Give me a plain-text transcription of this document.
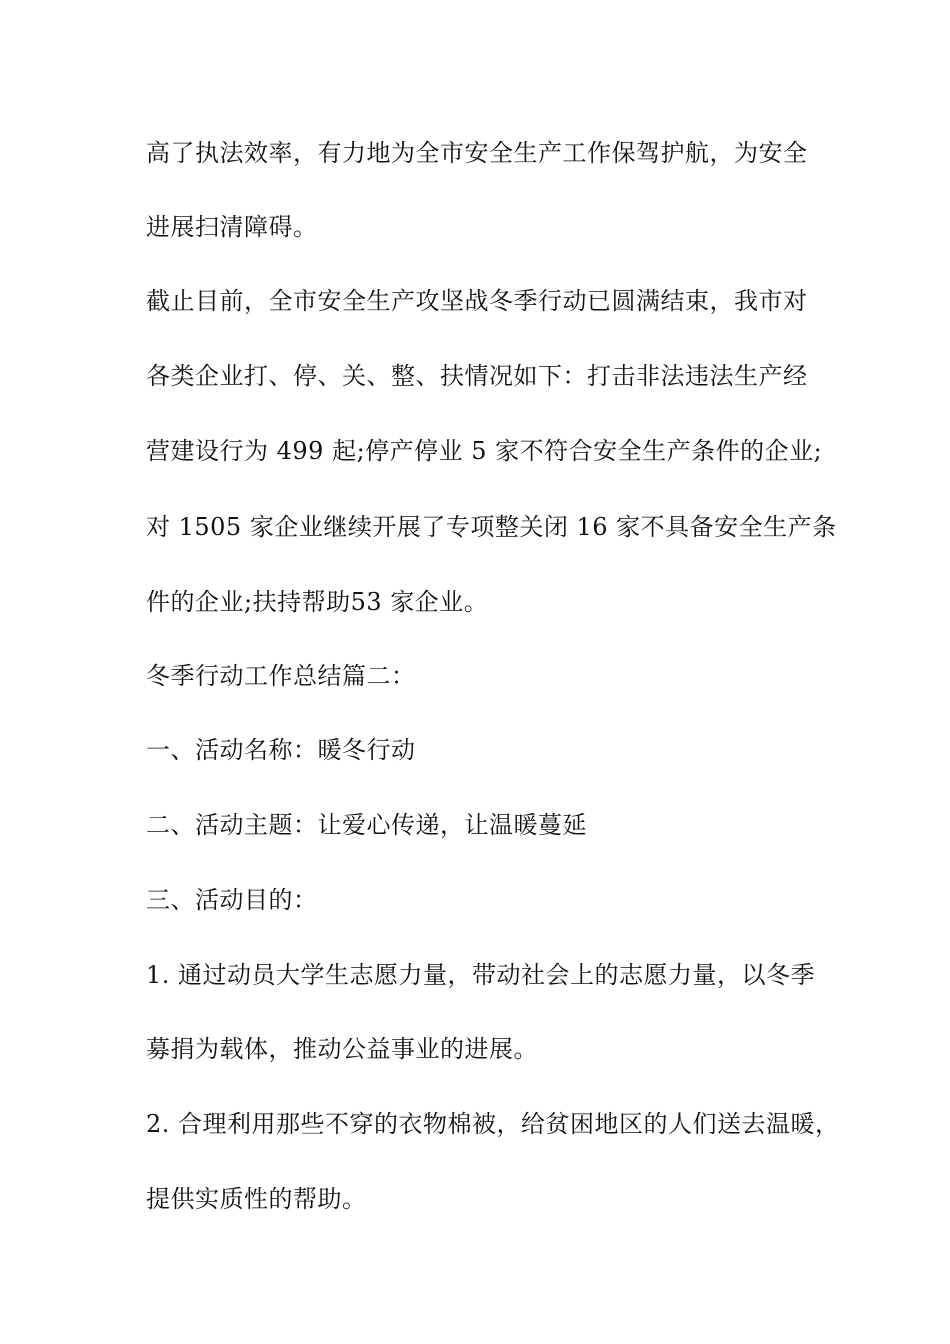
高了执法效率，有力地为全市安全生产工作保驾护航，为安全
进展扫清障碍。
截止目前，全市安全生产攻坚战冬季行动已圆满结束，我市对
各类企业打、停、关、整、扶情况如下：打击非法违法生产经
营建设行为 499 起;停产停业 5 家不符合安全生产条件的企业;
对 1505 家企业继续开展了专项整关闭 16 家不具备安全生产条
件的企业;扶持帮助53 家企业。
冬季行动工作总结篇二：
一、活动名称：暖冬行动
二、活动主题：让爱心传递，让温暖蔓延
三、活动目的：
1. 通过动员大学生志愿力量，带动社会上的志愿力量，以冬季
募捐为载体，推动公益事业的进展。
2. 合理利用那些不穿的衣物棉被，给贫困地区的人们送去温暖，
提供实质性的帮助。
